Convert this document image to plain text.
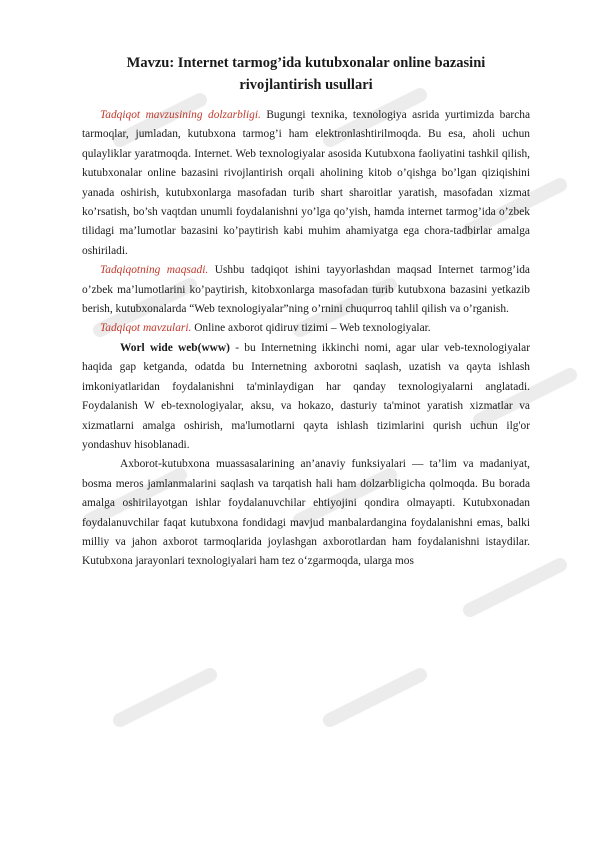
Mavzu: Internet tarmog’ida kutubxonalar online bazasini
rivojlantirish usullari

Tadqiqot mavzusining dolzarbligi. Bugungi texnika, texnologiya asrida yurtimizda barcha tarmoqlar, jumladan, kutubxona tarmog’i ham elektronlashtirilmoqda. Bu esa, aholi uchun qulayliklar yaratmoqda. Internet. Web texnologiyalar asosida Kutubxona faoliyatini tashkil qilish, kutubxonalar online bazasini rivojlantirish orqali aholining kitob o’qishga bo’lgan qiziqishini yanada oshirish, kutubxonlarga masofadan turib shart sharoitlar yaratish, masofadan xizmat ko’rsatish, bo’sh vaqtdan unumli foydalanishni yo’lga qo’yish, hamda internet tarmog’ida o’zbek tilidagi ma’lumotlar bazasini ko’paytirish kabi muhim ahamiyatga ega chora-tadbirlar amalga oshiriladi.

Tadqiqotning maqsadi. Ushbu tadqiqot ishini tayyorlashdan maqsad Internet tarmog’ida o’zbek ma’lumotlarini ko’paytirish, kitobxonlarga masofadan turib kutubxona bazasini yetkazib berish, kutubxonalarda “Web texnologiyalar”ning o’rnini chuqurroq tahlil qilish va o’rganish.

Tadqiqot mavzulari. Online axborot qidiruv tizimi – Web texnologiyalar.

Worl wide web(www) - bu Internetning ikkinchi nomi, agar ular veb-texnologiyalar haqida gap ketganda, odatda bu Internetning axborotni saqlash, uzatish va qayta ishlash imkoniyatlaridan foydalanishni ta'minlaydigan har qanday texnologiyalarni anglatadi. Foydalanish W eb-texnologiyalar, aksu, va hokazo, dasturiy ta'minot yaratish xizmatlar va xizmatlarni amalga oshirish, ma'lumotlarni qayta ishlash tizimlarini qurish uchun ilg'or yondashuv hisoblanadi.

Axborot-kutubxona muassasalarining an’anaviy funksiyalari — ta’lim va madaniyat, bosma meros jamlanmalarini saqlash va tarqatish hali ham dolzarbligicha qolmoqda. Bu borada amalga oshirilayotgan ishlar foydalanuvchilar ehtiyojini qondira olmayapti. Kutubxonadan foydalanuvchilar faqat kutubxona fondidagi mavjud manbalardangina foydalanishni emas, balki milliy va jahon axborot tarmoqlarida joylashgan axborotlardan ham foydalanishni istaydilar. Kutubxona jarayonlari texnologiyalari ham tez o‘zgarmoqda, ularga mos
